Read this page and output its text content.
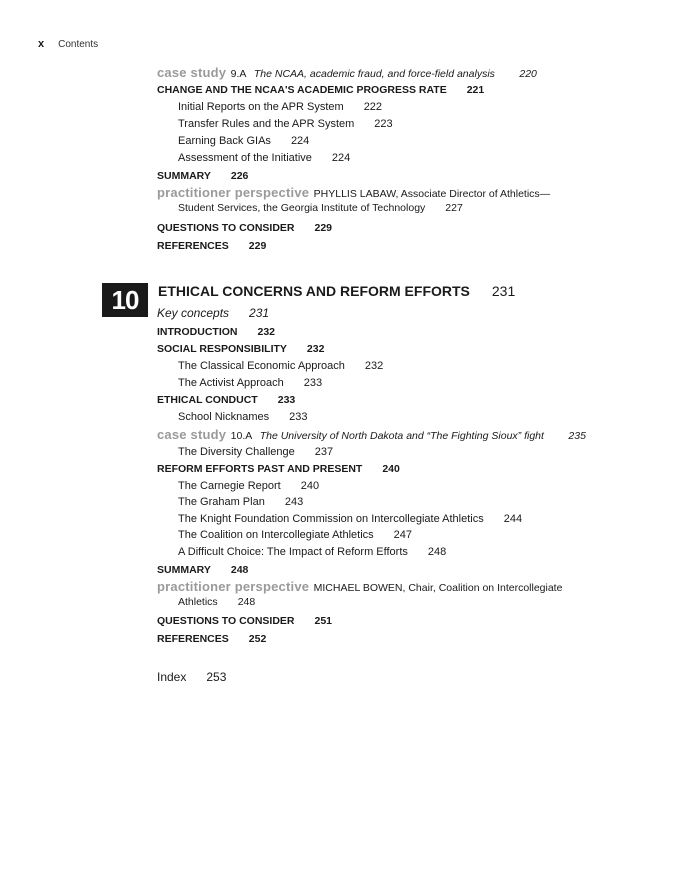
x Contents
case study 9.A The NCAA, academic fraud, and force-field analysis 220
CHANGE AND THE NCAA'S ACADEMIC PROGRESS RATE 221
Initial Reports on the APR System 222
Transfer Rules and the APR System 223
Earning Back GIAs 224
Assessment of the Initiative 224
SUMMARY 226
practitioner perspective PHYLLIS LABAW, Associate Director of Athletics—
Student Services, the Georgia Institute of Technology 227
QUESTIONS TO CONSIDER 229
REFERENCES 229
10	ETHICAL CONCERNS AND REFORM EFFORTS 231
Key concepts 231
INTRODUCTION 232
SOCIAL RESPONSIBILITY 232
The Classical Economic Approach 232
The Activist Approach 233
ETHICAL CONDUCT 233
School Nicknames 233
case study 10.A The University of North Dakota and “The Fighting Sioux” fight 235
The Diversity Challenge 237
REFORM EFFORTS PAST AND PRESENT 240
The Carnegie Report 240
The Graham Plan 243
The Knight Foundation Commission on Intercollegiate Athletics 244
The Coalition on Intercollegiate Athletics 247
A Difficult Choice: The Impact of Reform Efforts 248
SUMMARY 248
practitioner perspective MICHAEL BOWEN, Chair, Coalition on Intercollegiate
Athletics 248
QUESTIONS TO CONSIDER 251
REFERENCES 252
Index 253
